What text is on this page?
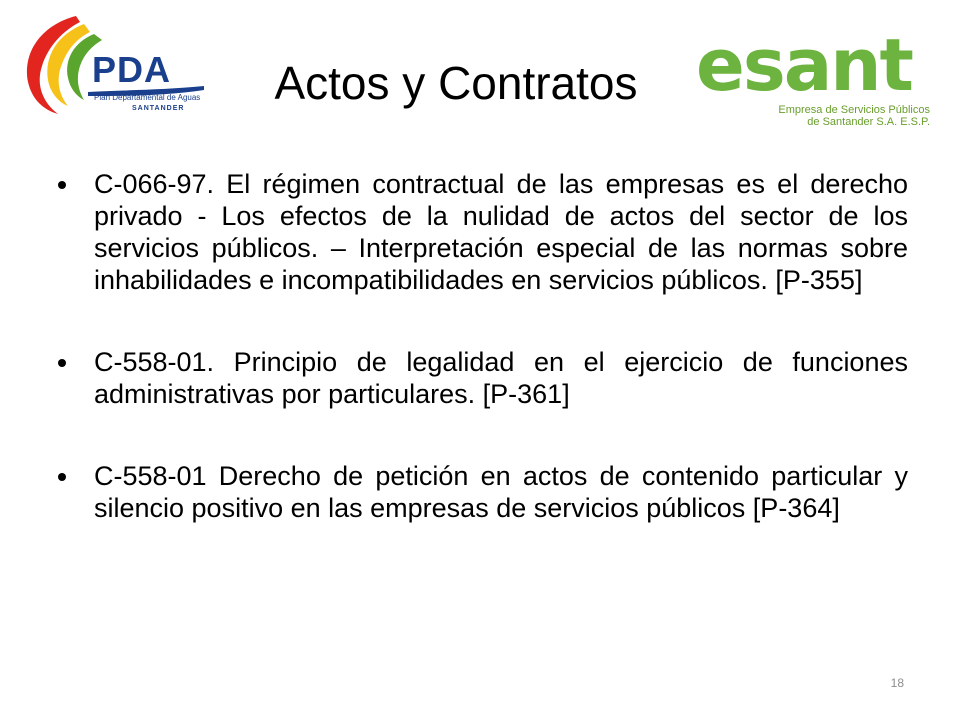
PDA
Plan Departamental de Aguas
SANTANDER
esant
Empresa de Servicios Públicos
de Santander S.A. E.S.P.
Actos y Contratos
C-066-97. El régimen contractual de las empresas es el derecho privado - Los efectos de la nulidad de actos del sector de los servicios públicos. – Interpretación especial de las normas sobre inhabilidades e incompatibilidades en servicios públicos. [P-355]
C-558-01. Principio de legalidad en el ejercicio de funciones administrativas por particulares. [P-361]
C-558-01 Derecho de petición en actos de contenido particular y silencio positivo en las empresas de servicios públicos [P-364]
18
